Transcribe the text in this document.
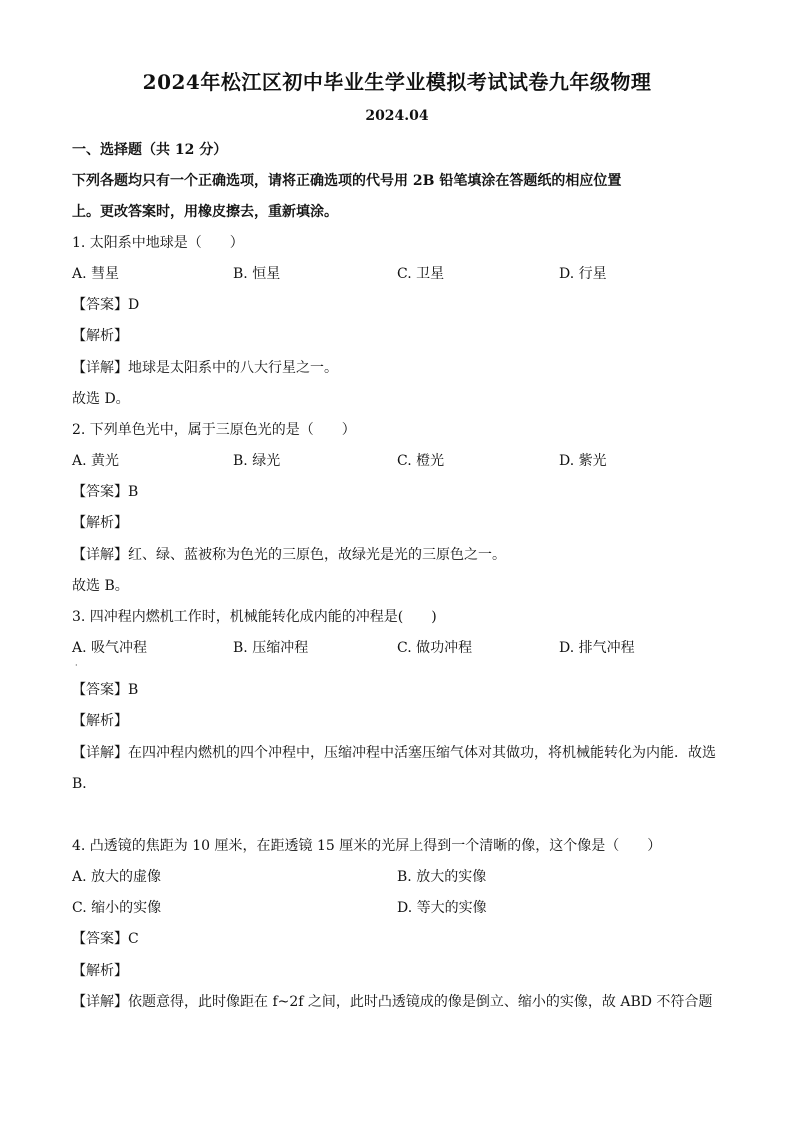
2024年松江区初中毕业生学业模拟考试试卷九年级物理
2024.04
一、选择题（共 12 分）
下列各题均只有一个正确选项，请将正确选项的代号用 2B 铅笔填涂在答题纸的相应位置
上。更改答案时，用橡皮擦去，重新填涂。
1. 太阳系中地球是（　　）
A. 彗星	B. 恒星	C. 卫星	D. 行星
【答案】D
【解析】
【详解】地球是太阳系中的八大行星之一。
故选 D。
2. 下列单色光中，属于三原色光的是（　　）
A. 黄光	B. 绿光	C. 橙光	D. 紫光
【答案】B
【解析】
【详解】红、绿、蓝被称为色光的三原色，故绿光是光的三原色之一。
故选 B。
3. 四冲程内燃机工作时，机械能转化成内能的冲程是(　　)
A. 吸气冲程
·
B. 压缩冲程	C. 做功冲程	D. 排气冲程
【答案】B
【解析】
【详解】在四冲程内燃机的四个冲程中，压缩冲程中活塞压缩气体对其做功，将机械能转化为内能．故选
B．
4. 凸透镜的焦距为 10 厘米，在距透镜 15 厘米的光屏上得到一个清晰的像，这个像是（　　）
A. 放大的虚像	B. 放大的实像
C. 缩小的实像	D. 等大的实像
【答案】C
【解析】
【详解】依题意得，此时像距在 f~2f 之间，此时凸透镜成的像是倒立、缩小的实像，故 ABD 不符合题
